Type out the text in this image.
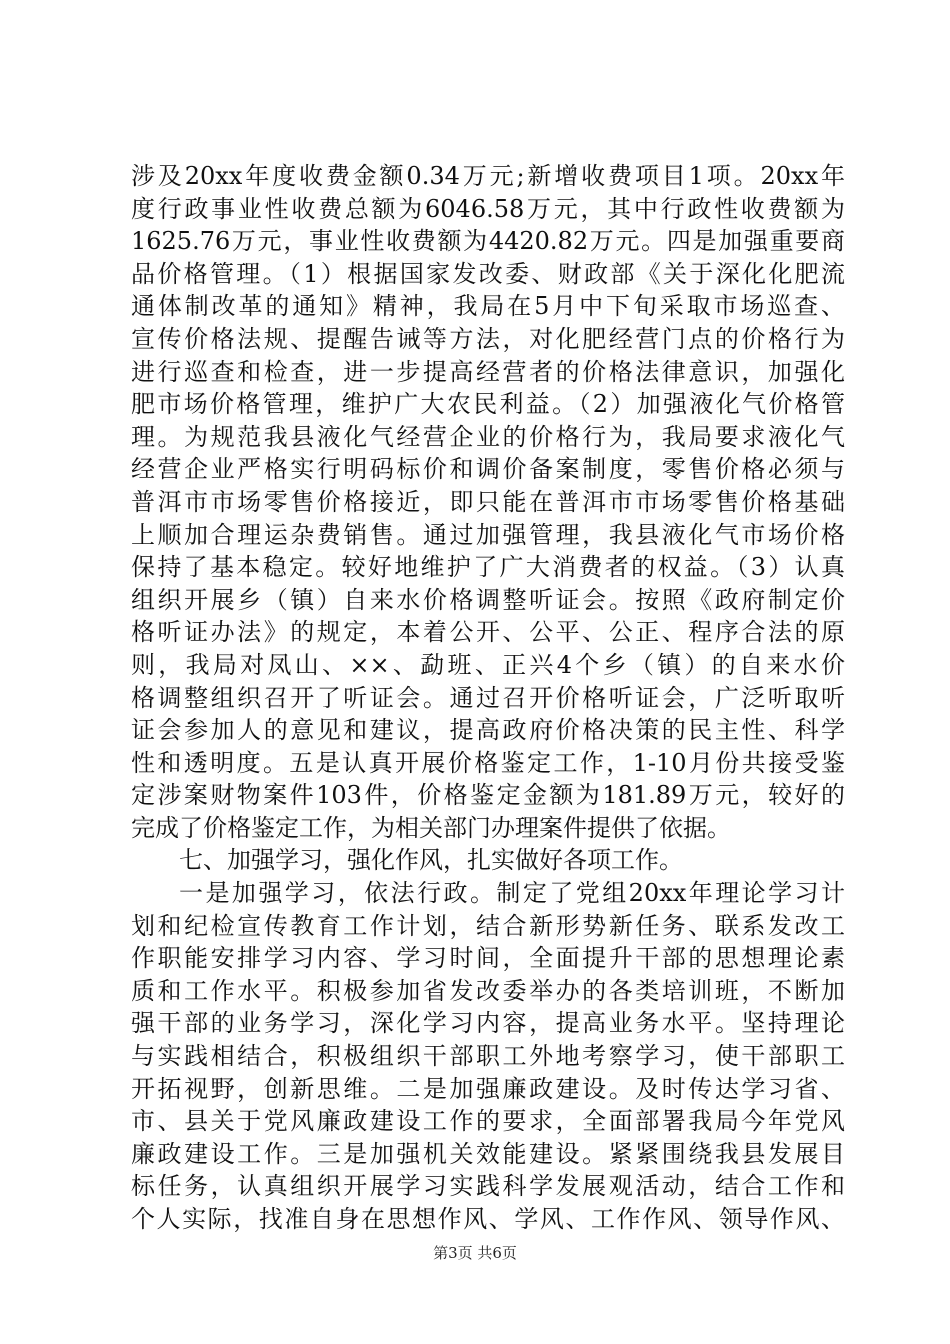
涉及20xx年度收费金额0.34万元;新增收费项目1项。20xx年
度行政事业性收费总额为6046.58万元，其中行政性收费额为
1625.76万元，事业性收费额为4420.82万元。四是加强重要商
品价格管理。（1）根据国家发改委、财政部《关于深化化肥流
通体制改革的通知》精神，我局在5月中下旬采取市场巡查、
宣传价格法规、提醒告诫等方法，对化肥经营门点的价格行为
进行巡查和检查，进一步提高经营者的价格法律意识，加强化
肥市场价格管理，维护广大农民利益。（2）加强液化气价格管
理。为规范我县液化气经营企业的价格行为，我局要求液化气
经营企业严格实行明码标价和调价备案制度，零售价格必须与
普洱市市场零售价格接近，即只能在普洱市市场零售价格基础
上顺加合理运杂费销售。通过加强管理，我县液化气市场价格
保持了基本稳定。较好地维护了广大消费者的权益。（3）认真
组织开展乡（镇）自来水价格调整听证会。按照《政府制定价
格听证办法》的规定，本着公开、公平、公正、程序合法的原
则，我局对凤山、××、勐班、正兴4个乡（镇）的自来水价
格调整组织召开了听证会。通过召开价格听证会，广泛听取听
证会参加人的意见和建议，提高政府价格决策的民主性、科学
性和透明度。五是认真开展价格鉴定工作，1-10月份共接受鉴
定涉案财物案件103件，价格鉴定金额为181.89万元，较好的
完成了价格鉴定工作，为相关部门办理案件提供了依据。
七、加强学习，强化作风，扎实做好各项工作。
一是加强学习，依法行政。制定了党组20xx年理论学习计
划和纪检宣传教育工作计划，结合新形势新任务、联系发改工
作职能安排学习内容、学习时间，全面提升干部的思想理论素
质和工作水平。积极参加省发改委举办的各类培训班，不断加
强干部的业务学习，深化学习内容，提高业务水平。坚持理论
与实践相结合，积极组织干部职工外地考察学习，使干部职工
开拓视野，创新思维。二是加强廉政建设。及时传达学习省、
市、县关于党风廉政建设工作的要求，全面部署我局今年党风
廉政建设工作。三是加强机关效能建设。紧紧围绕我县发展目
标任务，认真组织开展学习实践科学发展观活动，结合工作和
个人实际，找准自身在思想作风、学风、工作作风、领导作风、
第3页 共6页
